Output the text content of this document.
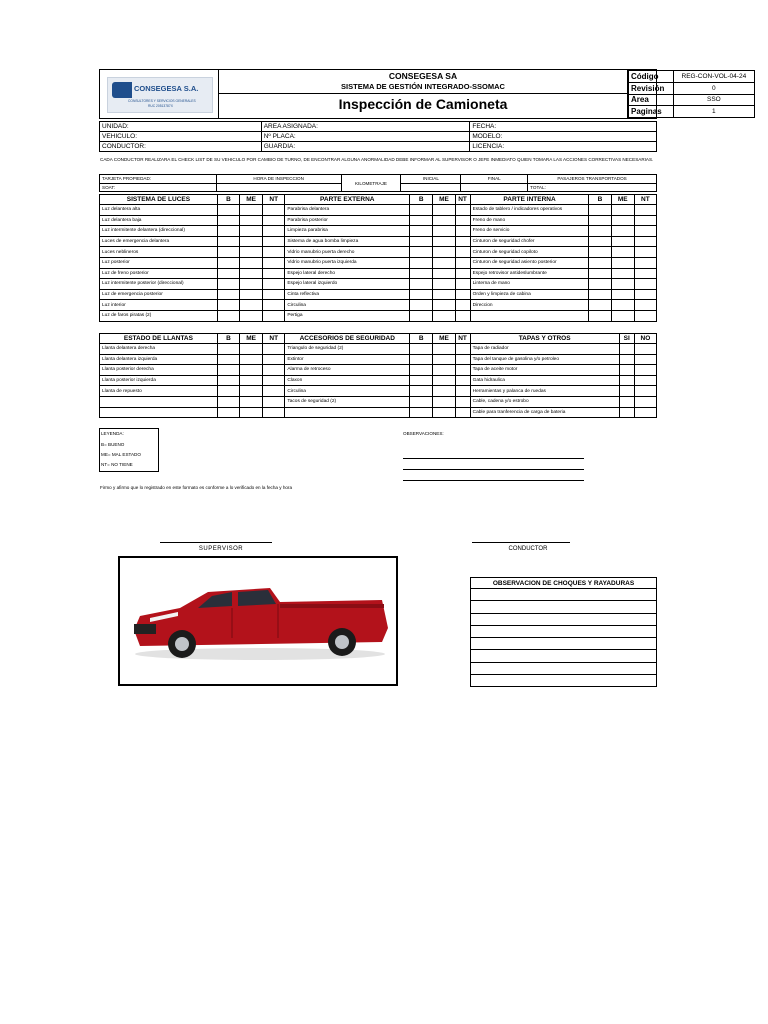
CONSEGESA S.A.
CONSULTORES Y SERVICIOS GENERALES
RUC 20513787X
CONSEGESA SA
SISTEMA DE GESTIÓN INTEGRADO-SSOMAC
Inspección de Camioneta
Código	REG-CON-VOL-04-24
Revisión	0
Area	SSO
Paginas	1
UNIDAD:	AREA ASIGNADA:	FECHA:
VEHICULO:	Nº PLACA:	MODELO:
CONDUCTOR:	GUARDIA:	LICENCIA:
CADA CONDUCTOR REALIZARA EL CHECK LIST DE SU VEHICULO POR CAMBIO DE TURNO, DE ENCONTRAR ALGUNA ANORMALIDAD DEBE INFORMAR AL SUPERVISOR O JEFE INMEDIATO QUIEN TOMARA LAS ACCIONES CORRECTIVAS NECESARIAS.
TARJETA PROPIEDAD:	HORA DE INSPECCION	KILOMETRAJE	INICIAL	FINAL	PASAJEROS TRANSPORTADOS
SOAT:					TOTAL:
SISTEMA DE LUCES	B	ME	NT	PARTE EXTERNA	B	ME	NT	PARTE INTERNA	B	ME	NT
Luz delantera alta				Parabrisa delantera				Estado de tablero / indicadores operativos			
Luz delantera baja				Parabrisa posterior				Freno de mano			
Luz intermitente delantera (direccional)				Limpieza parabrisa				Freno de servicio			
Luces de emergencia delantera				Sistema de agua bomba limpieza				Cinturon de seguridad chofer			
Luces neblineros				Vidrio manubrio puerta derecho				Cinturon de seguridad copiloto			
Luz posterior				Vidrio manubrio puerta izquierda				Cinturon de seguridad asiento posterior			
Luz de freno posterior				Espejo lateral derecho				Espejo retrovisor antideslumbrante			
Luz intermitente posterior (direccional)				Espejo lateral izquierdo				Linterna de mano			
Luz de emergencia posterior				Cinta reflectiva				Orden y limpieza de cabina			
Luz interior				Circulina				Direccion			
Luz de faros piratas (2)				Pertiga							
ESTADO DE LLANTAS	B	ME	NT	ACCESORIOS DE SEGURIDAD	B	ME	NT	TAPAS Y OTROS	SI	NO
Llanta delantera derecha				Triangulo de seguridad (2)				Tapa de radiador		
Llanta delantera izquierda				Extintor				Tapa del tanque de gasolina y/o petroleo		
Llanta posterior derecha				Alarma de retroceso				Tapa de aceite motor		
Llanta posterior izquierda				Claxon				Gata hidraulica		
Llanta de repuesto				Circulina				Herramientas y palanca de ruedas		
				Tacos de seguridad (2)				Cable, cadena y/o estrobo		
								Cable para tranferencia de carga de bateria		
LEYENDA:
B= BUENO
ME= MAL ESTADO
NT= NO TIENE
OBSERVACIONES:
Firmo y afirmo que lo registrado en este formato es conforme a lo verificado en la fecha y hora
SUPERVISOR	CONDUCTOR
OBSERVACION DE CHOQUES Y RAYADURAS
